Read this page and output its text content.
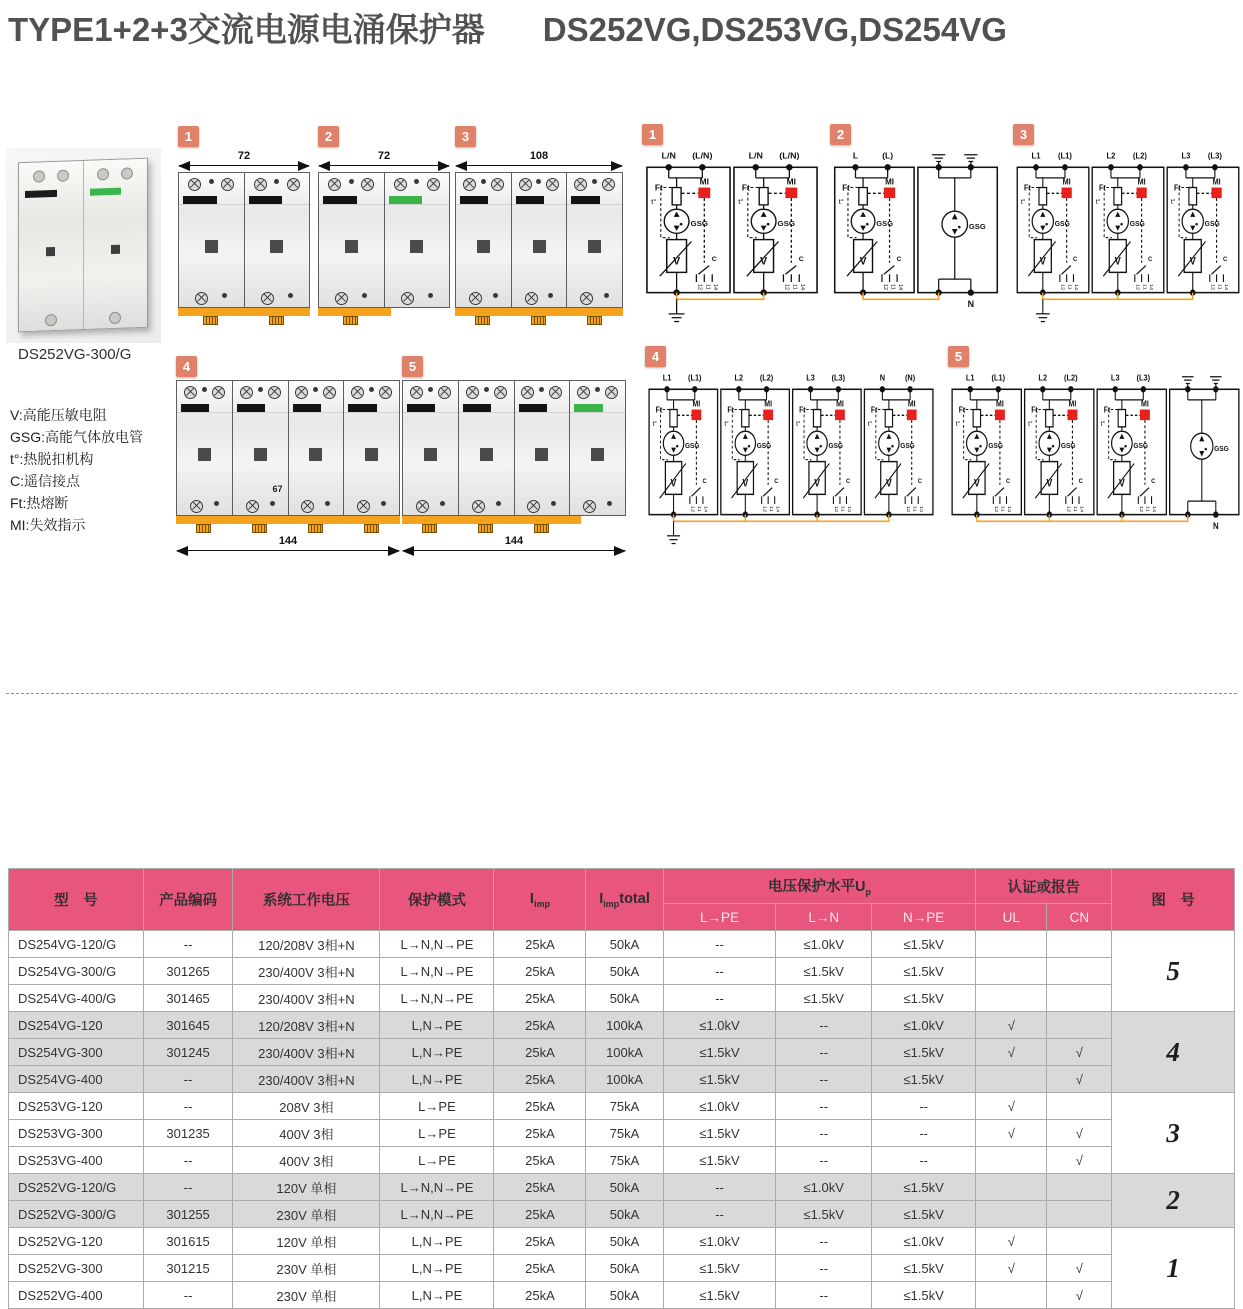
TYPE1+2+3交流电源电涌保护器 DS252VG,DS253VG,DS254VG
DS252VG-300/G
V:高能压敏电阻
GSG:高能气体放电管
t°:热脱扣机构
C:遥信接点
Ft:热熔断
MI:失效指示
1
72
2
72
3
108
4
67
144
5
144
1
L/N (L/N)
Ft
MI
t°
GSG
V	C
12 11 14
L/N (L/N)
Ft
MI
t°
GSG
V	C
12 11 14
2
L	(L)
Ft
MI
t°
GSG
V	C
12 11 14
GSG
N
3
L1 (L1)
Ft
MI
t°
GSG
V	C
12 11 14
L2 (L2)
Ft
MI
t°
GSG
V	C
12 11 14
L3 (L3)
Ft
MI
t°
GSG
V	C
12 11 14
4
L1 (L1)
Ft
MI
t°
GSG
V	C
12 11 14
L2 (L2)
Ft
MI
t°
GSG
V	C
12 11 14
L3 (L3)
Ft
MI
t°
GSG
V	C
12 11 14
N (N)
Ft
MI
t°
GSG
V	C
12 11 14
5
L1 (L1)
Ft
MI
t°
GSG
V	C
12 11 14
L2 (L2)
Ft
MI
t°
GSG
V	C
12 11 14
L3 (L3)
Ft
MI
t°
GSG
V	C
12 11 14
GSG
N
型　号	产品编码	系统工作电压	保护模式	$I_{imp}$	$I_{imp}total$	电压保护水平$U_p$			认证或报告		图　号
						L→PE	L→N	N→PE	UL	CN	
DS254VG-120/G	--	120/208V 3相+N	L→N,N→PE	25kA	50kA	--	≤1.0kV	≤1.5kV			5
DS254VG-300/G	301265	230/400V 3相+N	L→N,N→PE	25kA	50kA	--	≤1.5kV	≤1.5kV			
DS254VG-400/G	301465	230/400V 3相+N	L→N,N→PE	25kA	50kA	--	≤1.5kV	≤1.5kV			
DS254VG-120	301645	120/208V 3相+N	L,N→PE	25kA	100kA	≤1.0kV	--	≤1.0kV	√		4
DS254VG-300	301245	230/400V 3相+N	L,N→PE	25kA	100kA	≤1.5kV	--	≤1.5kV	√	√	
DS254VG-400	--	230/400V 3相+N	L,N→PE	25kA	100kA	≤1.5kV	--	≤1.5kV		√	
DS253VG-120	--	208V 3相	L→PE	25kA	75kA	≤1.0kV	--	--	√		3
DS253VG-300	301235	400V 3相	L→PE	25kA	75kA	≤1.5kV	--	--	√	√	
DS253VG-400	--	400V 3相	L→PE	25kA	75kA	≤1.5kV	--	--		√	
DS252VG-120/G	--	120V 单相	L→N,N→PE	25kA	50kA	--	≤1.0kV	≤1.5kV			2
DS252VG-300/G	301255	230V 单相	L→N,N→PE	25kA	50kA	--	≤1.5kV	≤1.5kV			
DS252VG-120	301615	120V 单相	L,N→PE	25kA	50kA	≤1.0kV	--	≤1.0kV	√		1
DS252VG-300	301215	230V 单相	L,N→PE	25kA	50kA	≤1.5kV	--	≤1.5kV	√	√	
DS252VG-400	--	230V 单相	L,N→PE	25kA	50kA	≤1.5kV	--	≤1.5kV		√	
